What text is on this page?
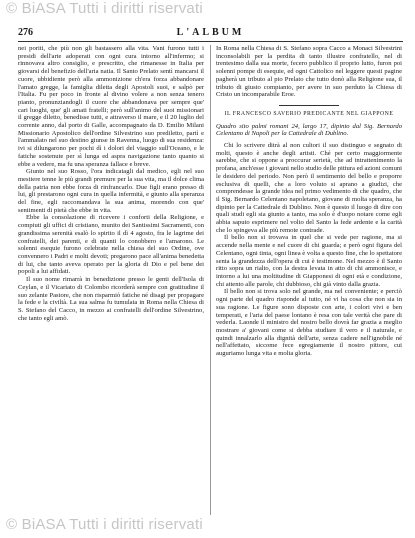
© BiASA Tutti i diritti riservati
276	L'ALBUM

nei poriti, che più non gli bastassero alla vita. Vani furono tutti i presidi dell'arte adoperati con ogni cura intorno all'infermo; si rinnovava altro consiglio, e prescritto, che rimanesse in Italia per giovarsi del benefizio dell'aria natia. Il Santo Prelato sentì mancarsi il cuore, ubbidiente però alla ammonizione ch'era forza abbandonare l'amato gregge, la famiglia diletta degli Apostoli suoi, e salpò per l'Italia. Fu per poco in fronte al divino volere a non senza tenero pianto, pronunziandogli il cuore che abbandonava per sempre que' cari luoghi, que' gli amati fratelli; però sull'animo del suoi missionari il gregge diletto, benedisse tutti, e attraverso il mare, e il 20 luglio del corrente anno, dal porto di Galle, accompagnato da D. Emilio Milani Missionario Apostolico dell'ordine Silvestrino suo prediletto, partì e l'ammalato nel suo destino giunse in Ravenna, luogo di sua residenza: ivi si dilungarono per pochi dì i dolori del viaggio sull'Oceano, e le fatiche sostenute per sì lunga ed aspra navigazione tanto quanto si ebbe a vedere, ma fu una speranza fallace e breve.

Giunto nel suo Rosso, l'ora indicatagli dal medico, egli nel suo mestiere tenne le più grandi premure per la sua vita, ma il dolce clima della patria non ebbe forza di rinfrancarlo. Due figli erano presso di lui, gli prestarono ogni cura in quella infermità, e giunto alla speranza del fine, egli raccomandava la sua anima, morendo con que' sentimenti di pietà che ebbe in vita.

Ebbe la consolazione di ricevere i conforti della Religione, e compiuti gli uffici di cristiano, munito dei Santissimi Sacramenti, con grandissima serenità esalò lo spirito il dì 4 agosto, fra le lagrime dei confratelli, dei parenti, e di quanti lo conobbero e l'amarono. Le solenni esequie furono celebrate nella chiesa del suo Ordine, ove convennero i Padri e molti devoti; pregarono pace all'anima benedetta di lui, che tanto aveva operato per la gloria di Dio e pel bene dei popoli a lui affidati.

Il suo nome rimarrà in benedizione presso le genti dell'Isola di Ceylan, e il Vicariato di Colombo ricorderà sempre con gratitudine il suo zelante Pastore, che non risparmiò fatiche né disagi per propagare la fede e la civiltà. La sua salma fu tumulata in Roma nella Chiesa di S. Stefano del Cacco, in mezzo ai confratelli dell'ordine Silvestrino, che tanto egli amò.

In Roma nella Chiesa di S. Stefano sopra Cacco a Monaci Silvestrini inconsolabili per la perdita di tanto illustre confratello, nel di trentesimo dalla sua morte, fecero pubblico il proprio lutto, furon poi solenni pompe di esequie, ed ogni Cattolico nel leggere questi pagine pagherà un tributo al pio Prelato che tutto donò alla Religione sua, il tributo di giusto compianto, per avere in suo perduto la Chiesa di Cristo un incomparabile Eroe.

IL FRANCESCO SAVERIO PREDICANTE NEL GIAPPONE

Quadro sito palmi romani 24, largo 17, dipinto dal Sig. Bernardo Celentano di Napoli per la Cattedrale di Dublino.

Chi lo scrivere ditrà al non cultori il suo distinguo e segnato di molti, questo è anche degli artisti. Ché per certo maggiormente sarebbe, che si oppone a proccurar serietà, che ad intrattenimento la profana, anch'esse i giovani nello studio delle pittura ed azioni comuni le desidero del periodo. Non però il sentimento del bello e proporre esclusiva di quelli, che a loro voluto si aprano a giudizi, che comprendesse la grande idea nel primo vedimento di che quadro, che il Sig. Bernardo Celentano napoletano, giovane di molta speranza, ha dipinto per la Cattedrale di Dublino. Non è questo il luogo di dire con quali studi egli sia giunto a tanto, ma solo è d'uopo notare come egli abbia saputo esprimere nel volto del Santo la fede ardente e la carità che lo spingeva alle più remote contrade.

Il bello non si trovava in quel che si vede per ragione, ma si accende nella mente e nel cuore di chi guarda; e però ogni figura del Celentano, ogni tinta, ogni linea è volta a questo fine, che lo spettatore senta la grandezza dell'opera di cui è testimone. Nel mezzo è il Santo ritto sopra un rialto, con la destra levata in atto di chi ammonisce, e intorno a lui una moltitudine di Giapponesi di ogni età e condizione, chi attento alle parole, chi dubbioso, chi già vinto dalla grazia.

Il bello non si trova solo nel grande, ma nel conveniente; e perciò ogni parte del quadro risponde al tutto, né vi ha cosa che non sia in sua ragione. Le figure sono disposte con arte, i colori vivi e ben temperati, e l'aria del paese lontano è resa con tale verità che pare di vederla. Laonde il ministro del nostro bello dovrà far grazia a meglio mostrare a' giovani come si debba studiare il vero e il naturale, e quindi innalzarlo alla dignità dell'arte, senza cadere nell'ignobile né nell'affettato, siccome fece egregiamente il nostro pittore, cui auguriamo lunga vita e molta gloria.

© BiASA Tutti i diritti riservati
